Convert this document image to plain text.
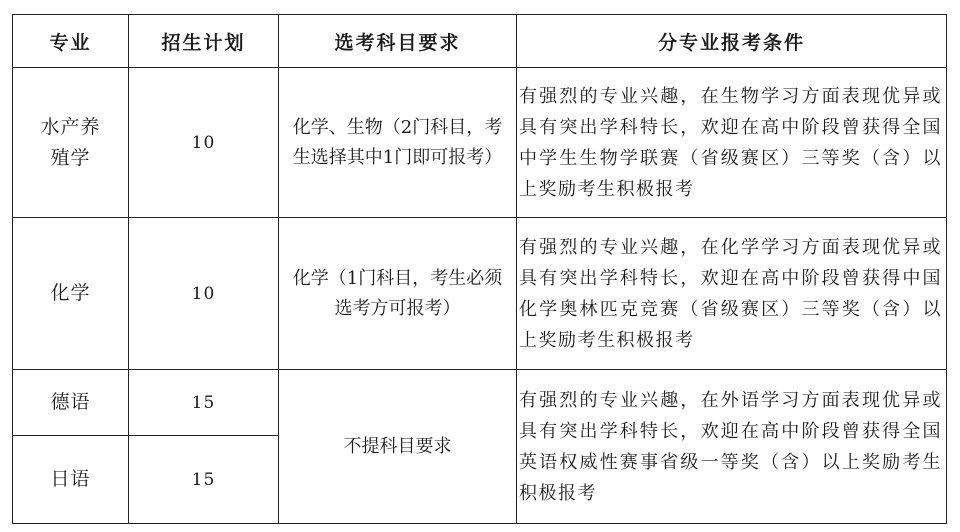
专业	招生计划	选考科目要求	分专业报考条件
水产养殖学	10	化学、生物（2门科目，考生选择其中1门即可报考）	有强烈的专业兴趣，在生物学习方面表现优异或具有突出学科特长，欢迎在高中阶段曾获得全国中学生生物学联赛（省级赛区）三等奖（含）以上奖励考生积极报考
化学	10	化学（1门科目，考生必须选考方可报考）	有强烈的专业兴趣，在化学学习方面表现优异或具有突出学科特长，欢迎在高中阶段曾获得中国化学奥林匹克竞赛（省级赛区）三等奖（含）以上奖励考生积极报考
德语	15	不提科目要求	有强烈的专业兴趣，在外语学习方面表现优异或具有突出学科特长，欢迎在高中阶段曾获得全国英语权威性赛事省级一等奖（含）以上奖励考生积极报考
日语	15		
